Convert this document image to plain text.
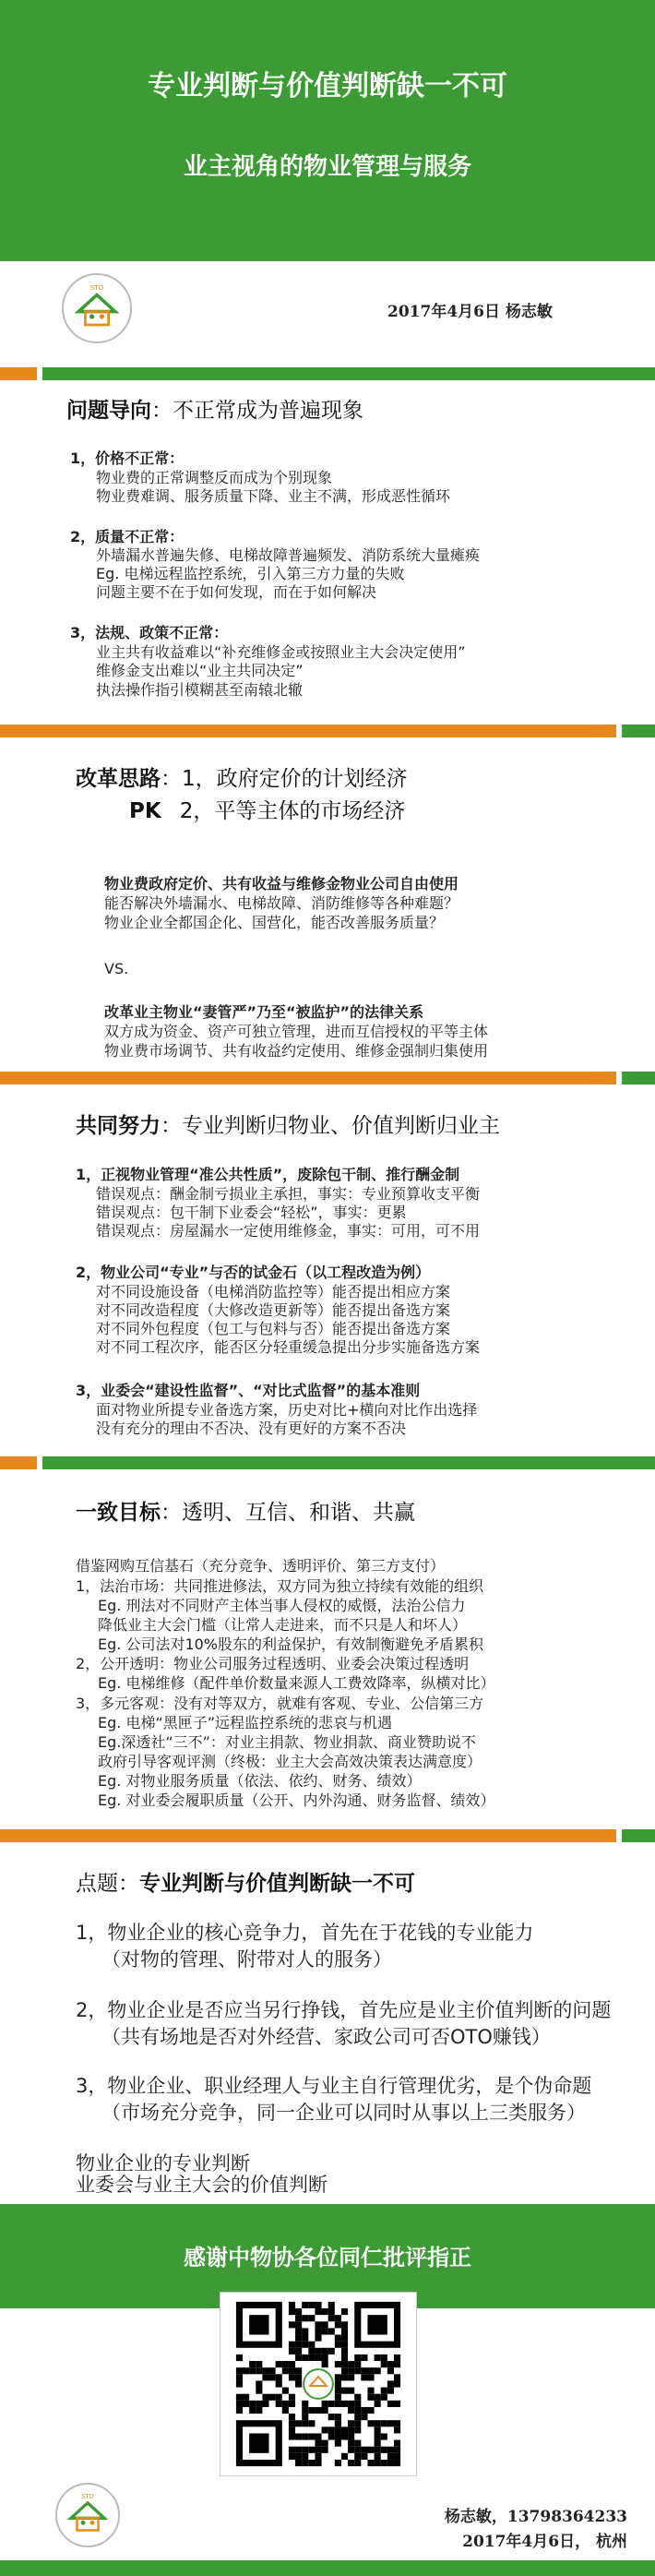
专业判断与价值判断缺一不可
业主视角的物业管理与服务
STO
2017年4月6日 杨志敏
问题导向：不正常成为普遍现象
1，价格不正常：
物业费的正常调整反而成为个别现象
物业费难调、服务质量下降、业主不满，形成恶性循环
2，质量不正常：
外墙漏水普遍失修、电梯故障普遍频发、消防系统大量瘫痪
Eg. 电梯远程监控系统，引入第三方力量的失败
问题主要不在于如何发现，而在于如何解决
3，法规、政策不正常：
业主共有收益难以“补充维修金或按照业主大会决定使用”
维修金支出难以“业主共同决定”
执法操作指引模糊甚至南辕北辙
改革思路：1，政府定价的计划经济
PK 2，平等主体的市场经济
物业费政府定价、共有收益与维修金物业公司自由使用
能否解决外墙漏水、电梯故障、消防维修等各种难题？
物业企业全都国企化、国营化，能否改善服务质量？
VS.
改革业主物业“妻管严”乃至“被监护”的法律关系
双方成为资金、资产可独立管理，进而互信授权的平等主体
物业费市场调节、共有收益约定使用、维修金强制归集使用
共同努力：专业判断归物业、价值判断归业主
1，正视物业管理“准公共性质”，废除包干制、推行酬金制
错误观点：酬金制亏损业主承担，事实：专业预算收支平衡
错误观点：包干制下业委会“轻松”，事实：更累
错误观点：房屋漏水一定使用维修金，事实：可用，可不用
2，物业公司“专业”与否的试金石（以工程改造为例）
对不同设施设备（电梯消防监控等）能否提出相应方案
对不同改造程度（大修改造更新等）能否提出备选方案
对不同外包程度（包工与包料与否）能否提出备选方案
对不同工程次序，能否区分轻重缓急提出分步实施备选方案
3，业委会“建设性监督”、“对比式监督”的基本准则
面对物业所提专业备选方案，历史对比+横向对比作出选择
没有充分的理由不否决、没有更好的方案不否决
一致目标：透明、互信、和谐、共赢
借鉴网购互信基石（充分竞争、透明评价、第三方支付）
1，法治市场：共同推进修法，双方同为独立持续有效能的组织
Eg. 刑法对不同财产主体当事人侵权的威慑，法治公信力
降低业主大会门槛（让常人走进来，而不只是人和坏人）
Eg. 公司法对10%股东的利益保护，有效制衡避免矛盾累积
2，公开透明：物业公司服务过程透明、业委会决策过程透明
Eg. 电梯维修（配件单价数量来源人工费效降率，纵横对比）
3，多元客观：没有对等双方，就难有客观、专业、公信第三方
Eg. 电梯“黑匣子”远程监控系统的悲哀与机遇
Eg.深透社“三不”：对业主捐款、物业捐款、商业赞助说不
政府引导客观评测（终极：业主大会高效决策表达满意度）
Eg. 对物业服务质量（依法、依约、财务、绩效）
Eg. 对业委会履职质量（公开、内外沟通、财务监督、绩效）
点题：专业判断与价值判断缺一不可
1，物业企业的核心竞争力，首先在于花钱的专业能力
（对物的管理、附带对人的服务）
2，物业企业是否应当另行挣钱，首先应是业主价值判断的问题
（共有场地是否对外经营、家政公司可否OTO赚钱）
3，物业企业、职业经理人与业主自行管理优劣，是个伪命题
（市场充分竞争，同一企业可以同时从事以上三类服务）
物业企业的专业判断
业委会与业主大会的价值判断
感谢中物协各位同仁批评指正
STO
杨志敏，13798364233
2017年4月6日， 杭州
